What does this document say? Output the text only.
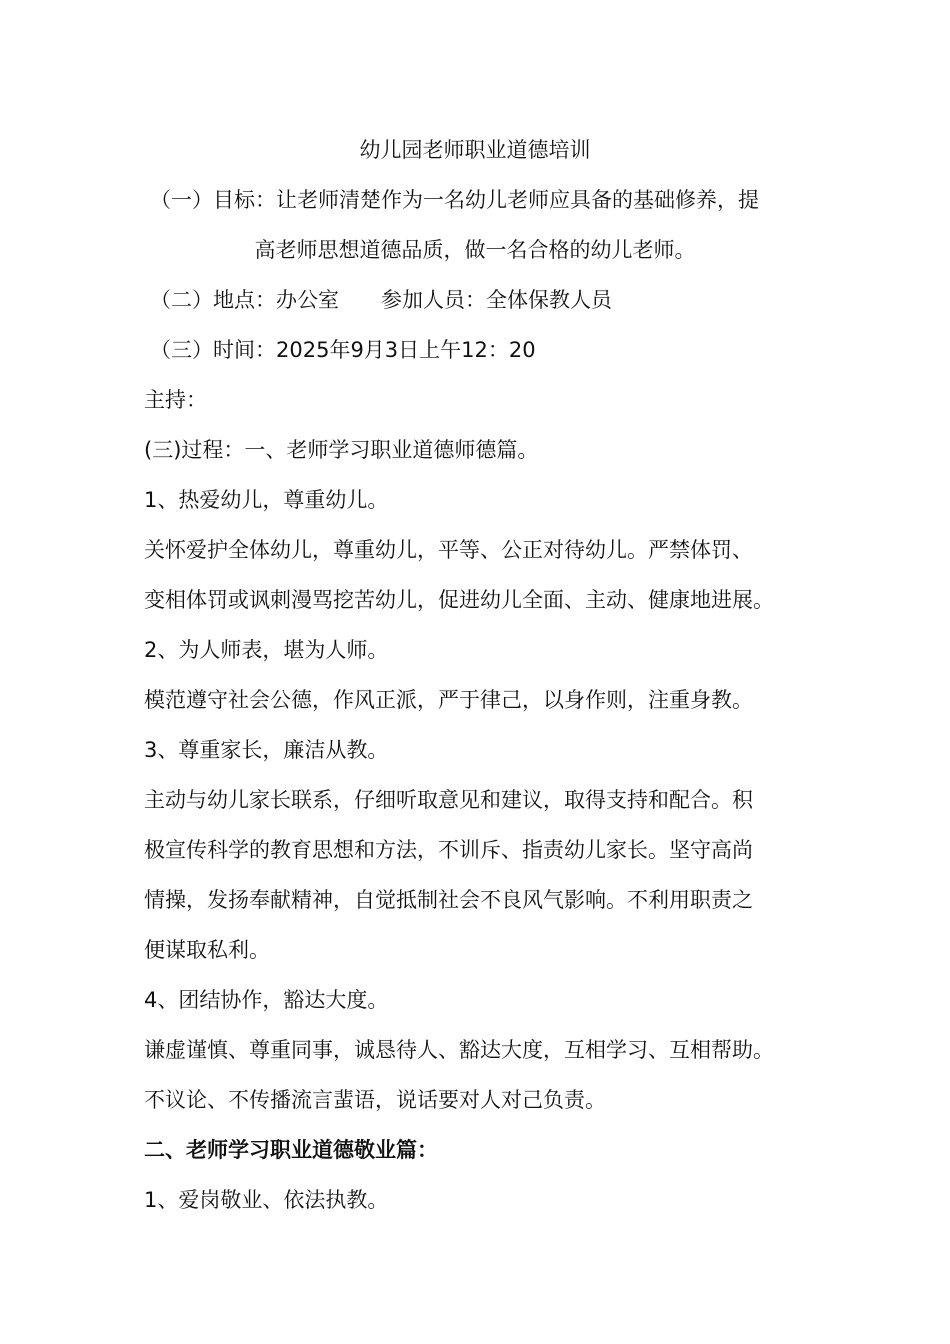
幼儿园老师职业道德培训
（一）目标：让老师清楚作为一名幼儿老师应具备的基础修养，提
高老师思想道德品质，做一名合格的幼儿老师。
（二）地点：办公室 参加人员：全体保教人员
（三）时间：2025年9月3日上午12：20
主持：
(三)过程：一、老师学习职业道德师德篇。
1、热爱幼儿，尊重幼儿。
关怀爱护全体幼儿，尊重幼儿，平等、公正对待幼儿。严禁体罚、
变相体罚或讽刺漫骂挖苦幼儿，促进幼儿全面、主动、健康地进展。
2、为人师表，堪为人师。
模范遵守社会公德，作风正派，严于律己，以身作则，注重身教。
3、尊重家长，廉洁从教。
主动与幼儿家长联系，仔细听取意见和建议，取得支持和配合。积
极宣传科学的教育思想和方法，不训斥、指责幼儿家长。坚守高尚
情操，发扬奉献精神，自觉抵制社会不良风气影响。不利用职责之
便谋取私利。
4、团结协作，豁达大度。
谦虚谨慎、尊重同事，诚恳待人、豁达大度，互相学习、互相帮助。
不议论、不传播流言蜚语，说话要对人对己负责。
二、老师学习职业道德敬业篇：
1、爱岗敬业、依法执教。
